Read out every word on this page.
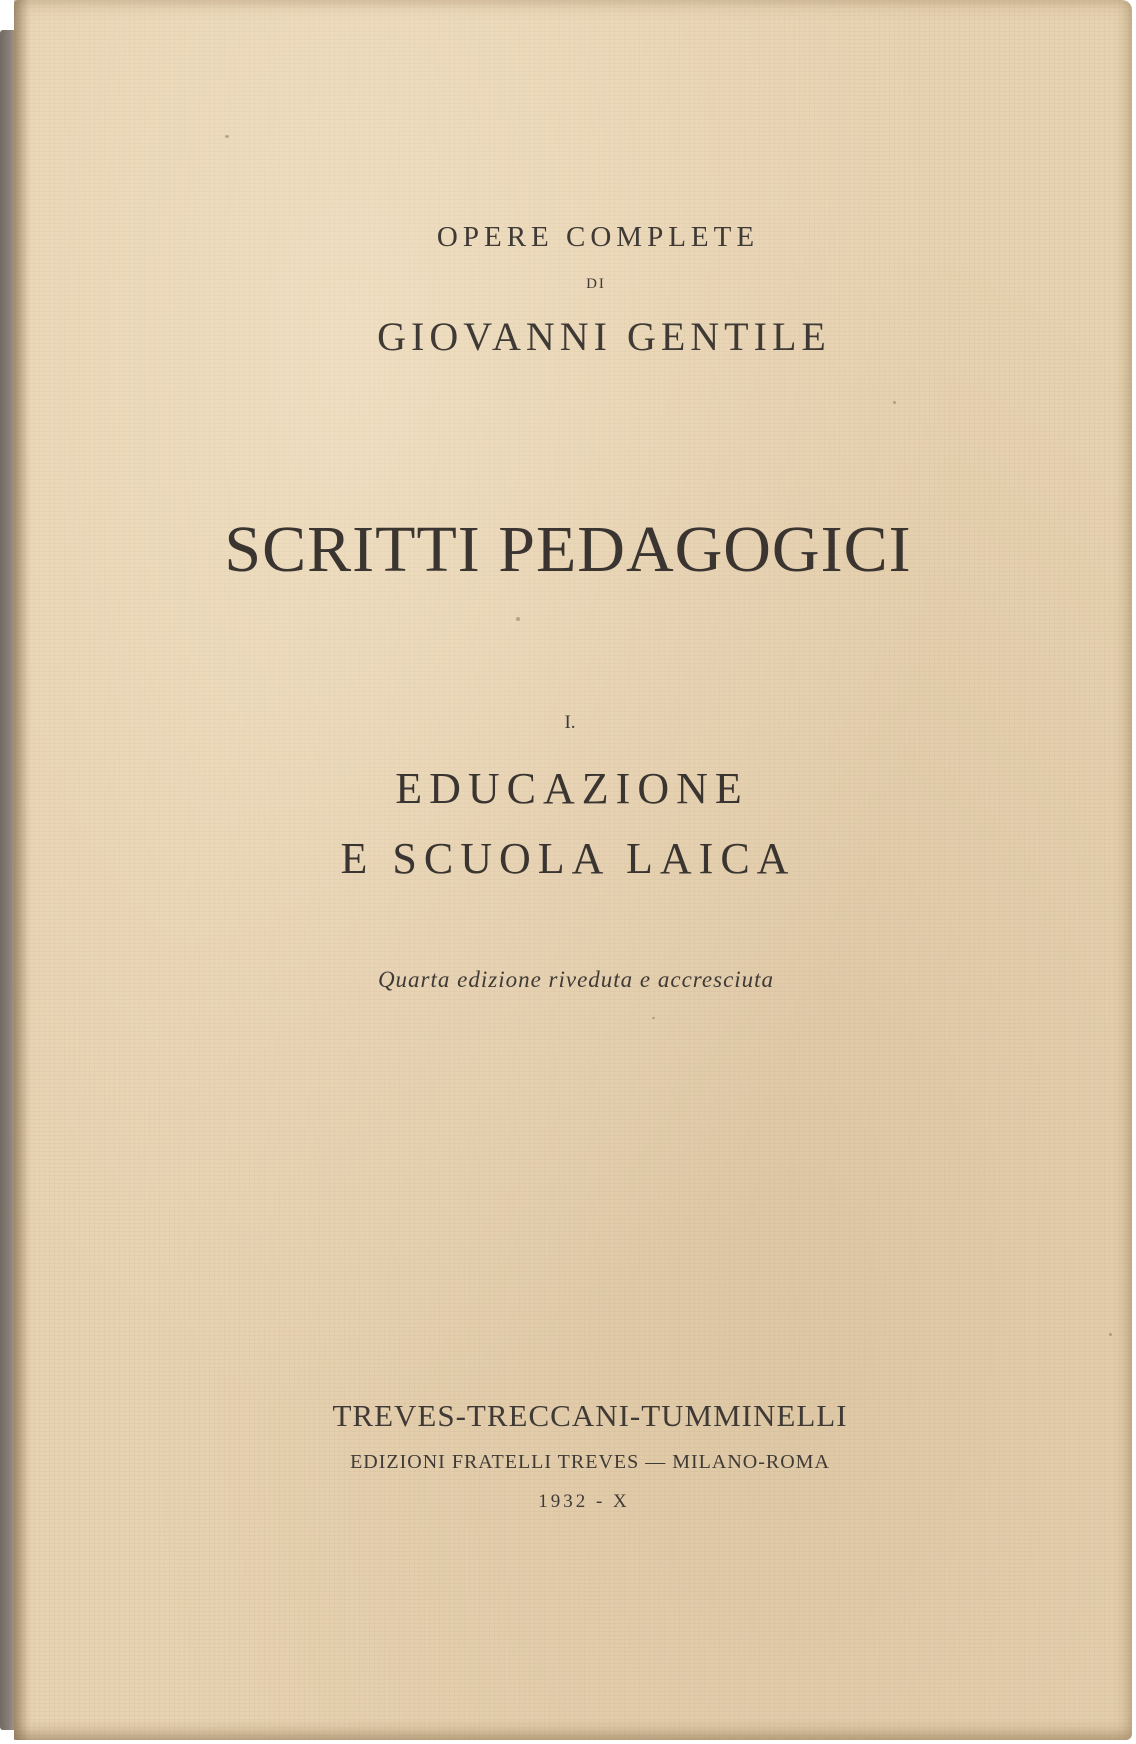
OPERE COMPLETE
DI
GIOVANNI GENTILE
SCRITTI PEDAGOGICI
I.
EDUCAZIONE
E SCUOLA LAICA
Quarta edizione riveduta e accresciuta
TREVES-TRECCANI-TUMMINELLI
EDIZIONI FRATELLI TREVES — MILANO-ROMA
1932 - X
